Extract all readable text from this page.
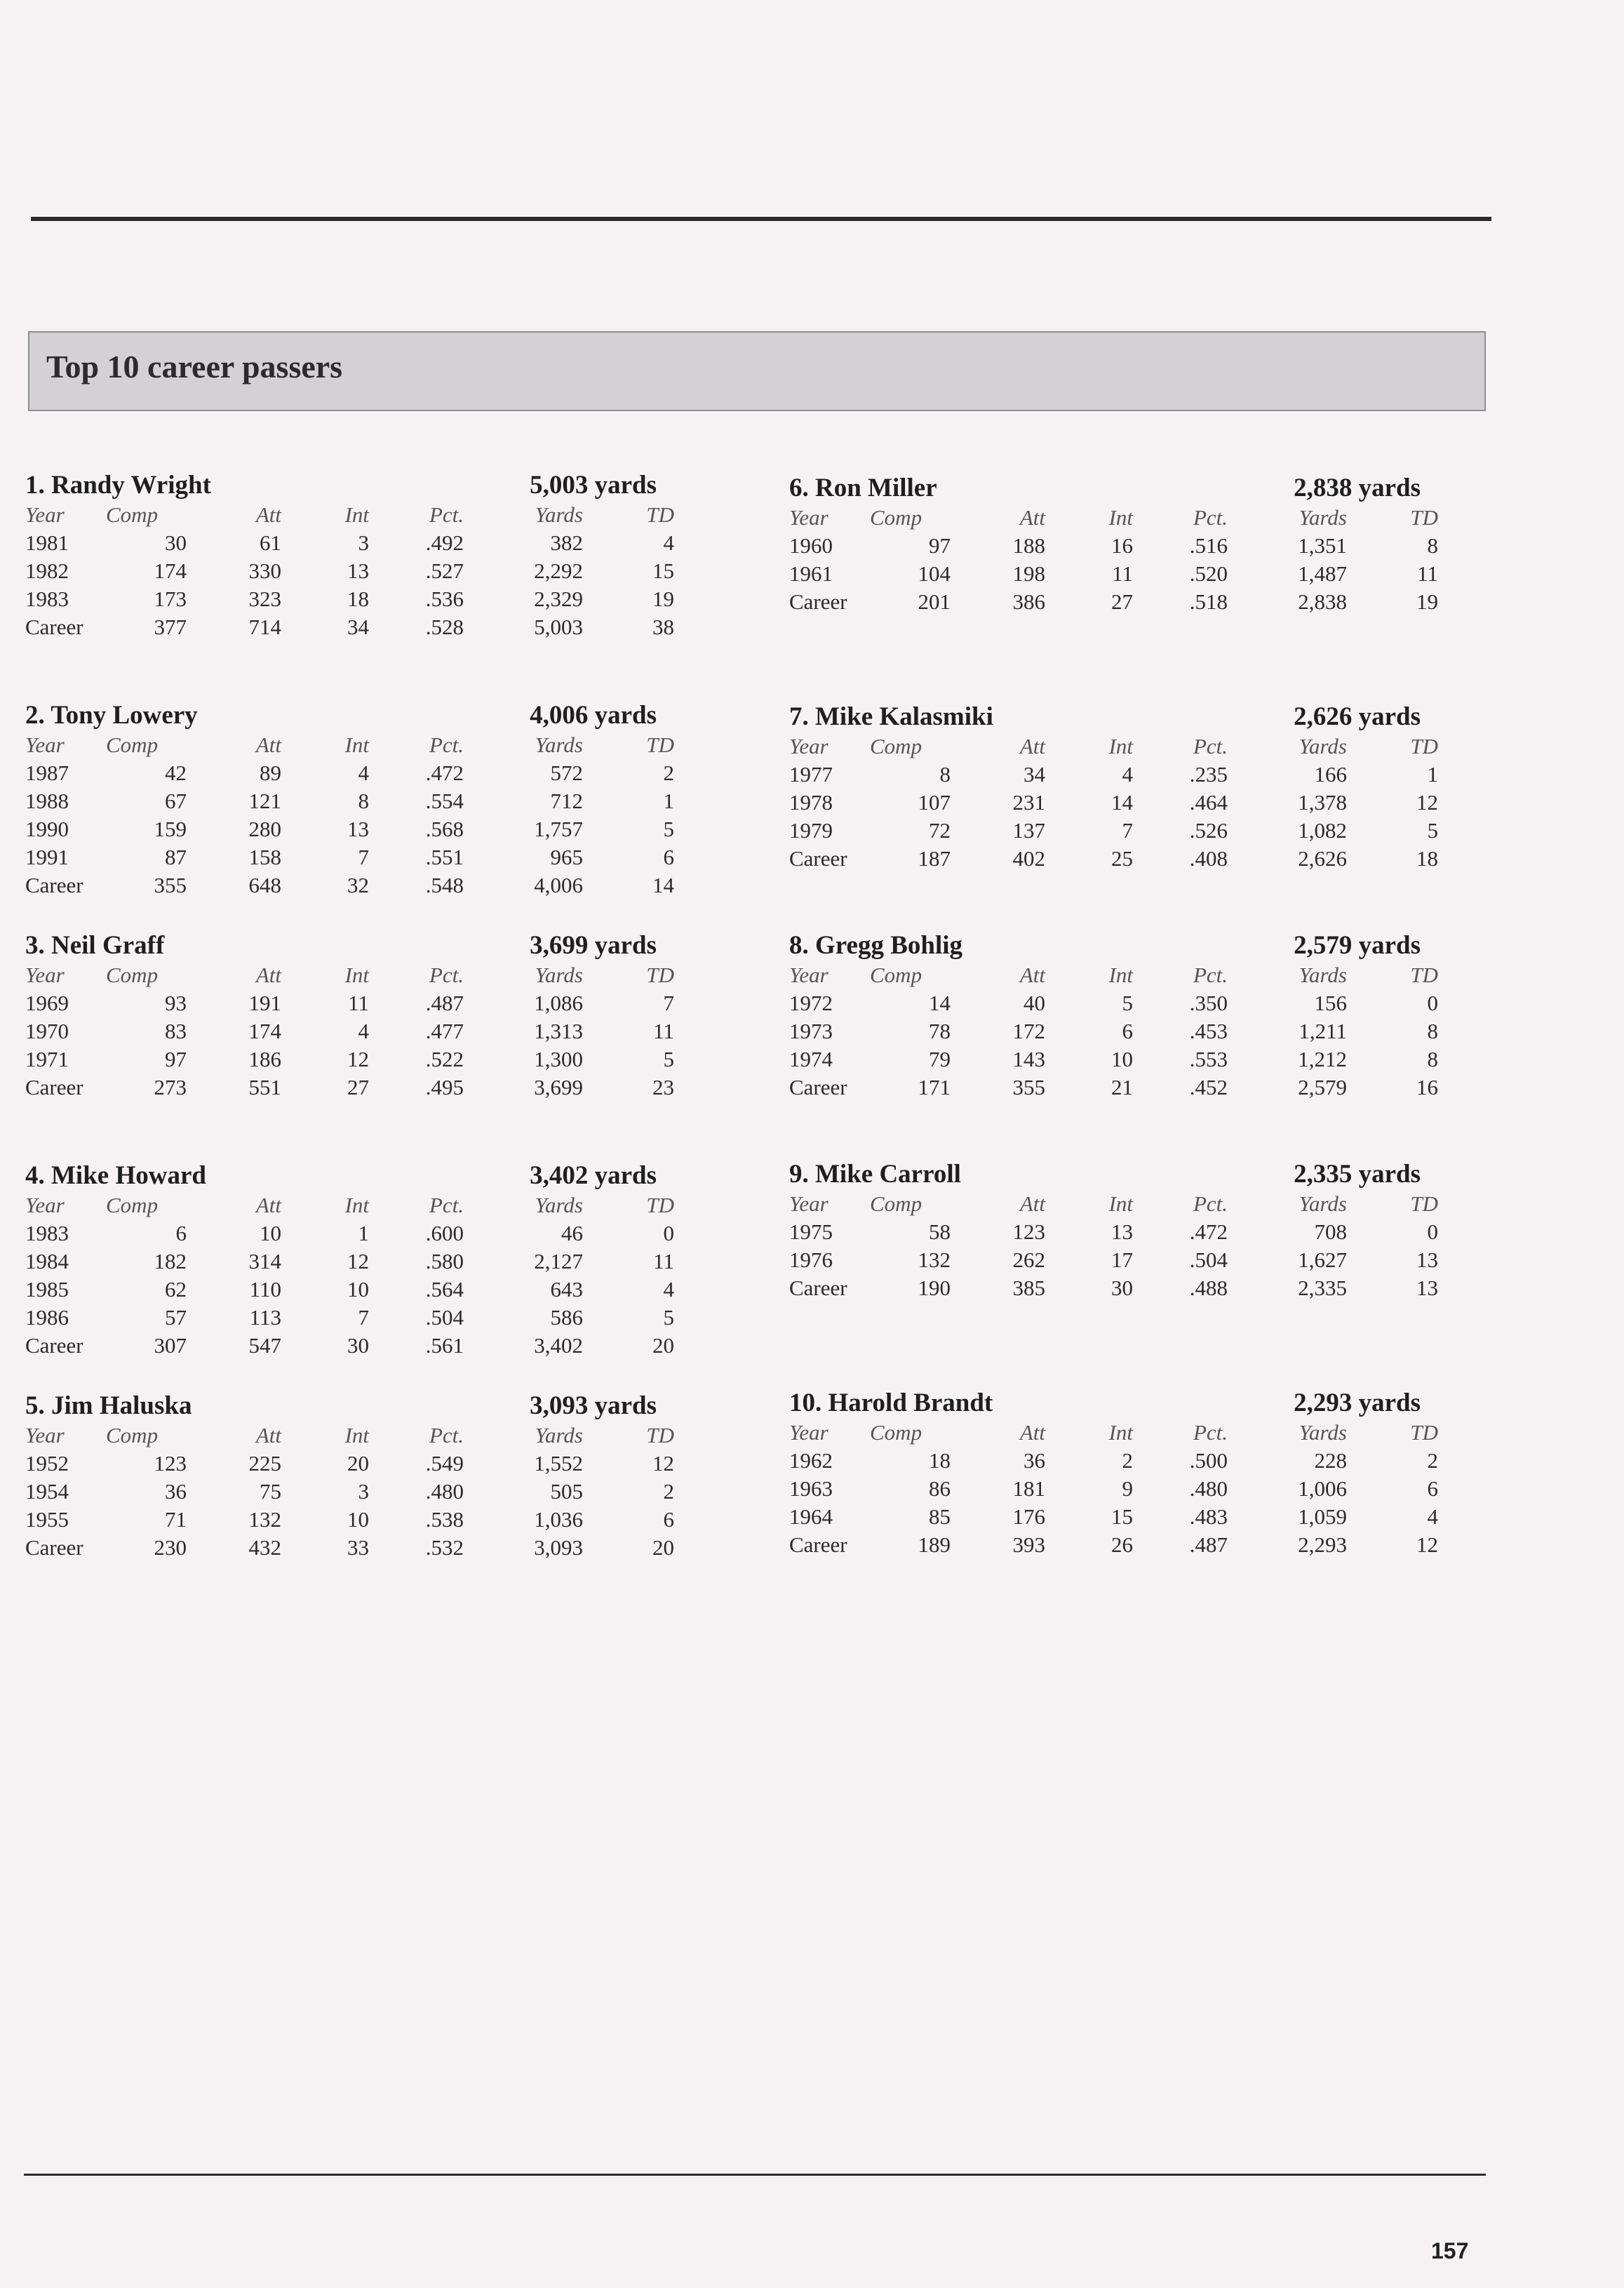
Top 10 career passers
1. Randy Wright	5,003 yards
Year Comp	Att	Int	Pct.	Yards	TD
1981	30	61	3	.492	382	4
1982	174	330	13	.527	2,292	15
1983	173	323	18	.536	2,329	19
Career	377	714	34	.528	5,003	38
2. Tony Lowery	4,006 yards
Year Comp	Att	Int	Pct.	Yards	TD
1987	42	89	4	.472	572	2
1988	67	121	8	.554	712	1
1990	159	280	13	.568	1,757	5
1991	87	158	7	.551	965	6
Career	355	648	32	.548	4,006	14
3. Neil Graff	3,699 yards
Year Comp	Att	Int	Pct.	Yards	TD
1969	93	191	11	.487	1,086	7
1970	83	174	4	.477	1,313	11
1971	97	186	12	.522	1,300	5
Career	273	551	27	.495	3,699	23
4. Mike Howard	3,402 yards
Year Comp	Att	Int	Pct.	Yards	TD
1983	6	10	1	.600	46	0
1984	182	314	12	.580	2,127	11
1985	62	110	10	.564	643	4
1986	57	113	7	.504	586	5
Career	307	547	30	.561	3,402	20
5. Jim Haluska	3,093 yards
Year Comp	Att	Int	Pct.	Yards	TD
1952	123	225	20	.549	1,552	12
1954	36	75	3	.480	505	2
1955	71	132	10	.538	1,036	6
Career	230	432	33	.532	3,093	20
6. Ron Miller	2,838 yards
Year Comp	Att	Int	Pct.	Yards	TD
1960	97	188	16	.516	1,351	8
1961	104	198	11	.520	1,487	11
Career	201	386	27	.518	2,838	19
7. Mike Kalasmiki	2,626 yards
Year Comp	Att	Int	Pct.	Yards	TD
1977	8	34	4	.235	166	1
1978	107	231	14	.464	1,378	12
1979	72	137	7	.526	1,082	5
Career	187	402	25	.408	2,626	18
8. Gregg Bohlig	2,579 yards
Year Comp	Att	Int	Pct.	Yards	TD
1972	14	40	5	.350	156	0
1973	78	172	6	.453	1,211	8
1974	79	143	10	.553	1,212	8
Career	171	355	21	.452	2,579	16
9. Mike Carroll	2,335 yards
Year Comp	Att	Int	Pct.	Yards	TD
1975	58	123	13	.472	708	0
1976	132	262	17	.504	1,627	13
Career	190	385	30	.488	2,335	13
10. Harold Brandt	2,293 yards
Year Comp	Att	Int	Pct.	Yards	TD
1962	18	36	2	.500	228	2
1963	86	181	9	.480	1,006	6
1964	85	176	15	.483	1,059	4
Career	189	393	26	.487	2,293	12
157
